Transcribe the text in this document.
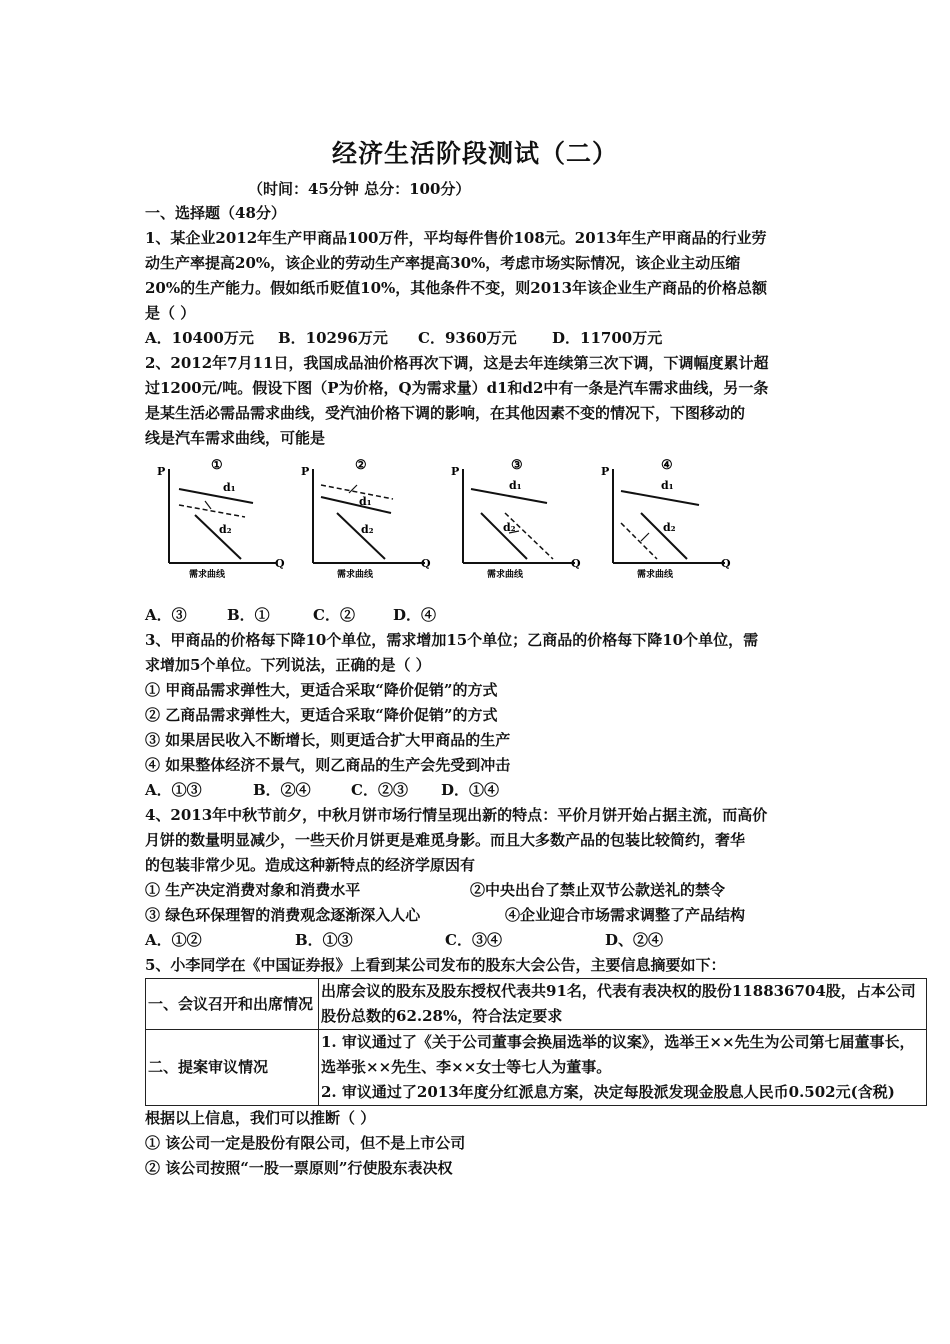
经济生活阶段测试（二）
（时间：45分钟 总分：100分）
一、选择题（48分）
1、某企业2012年生产甲商品100万件，平均每件售价108元。2013年生产甲商品的行业劳
动生产率提高20%，该企业的劳动生产率提高30%，考虑市场实际情况，该企业主动压缩
20%的生产能力。假如纸币贬值10%，其他条件不变，则2013年该企业生产商品的价格总额
是（ ）
A．10400万元 B．10296万元 C．9360万元 D．11700万元
2、2012年7月11日，我国成品油价格再次下调，这是去年连续第三次下调，下调幅度累计超
过1200元/吨。假设下图（P为价格，Q为需求量）d1和d2中有一条是汽车需求曲线，另一条
是某生活必需品需求曲线，受汽油价格下调的影响，在其他因素不变的情况下，下图移动的
线是汽车需求曲线，可能是
①
P
Q
d₁
d₂
需求曲线
②
P
Q
d₁
d₂
需求曲线
③
P
Q
d₁
d₂
需求曲线
④
P
Q
d₁
d₂
需求曲线
A．③	B．①	C．②	D．④
3、甲商品的价格每下降10个单位，需求增加15个单位；乙商品的价格每下降10个单位，需
求增加5个单位。下列说法，正确的是（ ）
① 甲商品需求弹性大，更适合采取“降价促销”的方式
② 乙商品需求弹性大，更适合采取“降价促销”的方式
③ 如果居民收入不断增长，则更适合扩大甲商品的生产
④ 如果整体经济不景气，则乙商品的生产会先受到冲击
A．①③	B．②④	C．②③ D．①④
4、2013年中秋节前夕，中秋月饼市场行情呈现出新的特点：平价月饼开始占据主流，而高价
月饼的数量明显减少，一些天价月饼更是难觅身影。而且大多数产品的包装比较简约，奢华
的包装非常少见。造成这种新特点的经济学原因有
① 生产决定消费对象和消费水平	②中央出台了禁止双节公款送礼的禁令
③ 绿色环保理智的消费观念逐渐深入人心	④企业迎合市场需求调整了产品结构
A．①②	B．①③	C．③④	D、②④
5、小李同学在《中国证券报》上看到某公司发布的股东大会公告，主要信息摘要如下：
一、会议召开和出席情况	出席会议的股东及股东授权代表共91名，代表有表决权的股份118836704股，占本公司股份总数的62.28%，符合法定要求
二、提案审议情况	1. 审议通过了《关于公司董事会换届选举的议案》，选举王××先生为公司第七届董事长，选举张××先生、李××女士等七人为董事。
2. 审议通过了2013年度分红派息方案，决定每股派发现金股息人民币0.502元(含税)
根据以上信息，我们可以推断（ ）
① 该公司一定是股份有限公司，但不是上市公司
② 该公司按照“一股一票原则”行使股东表决权
